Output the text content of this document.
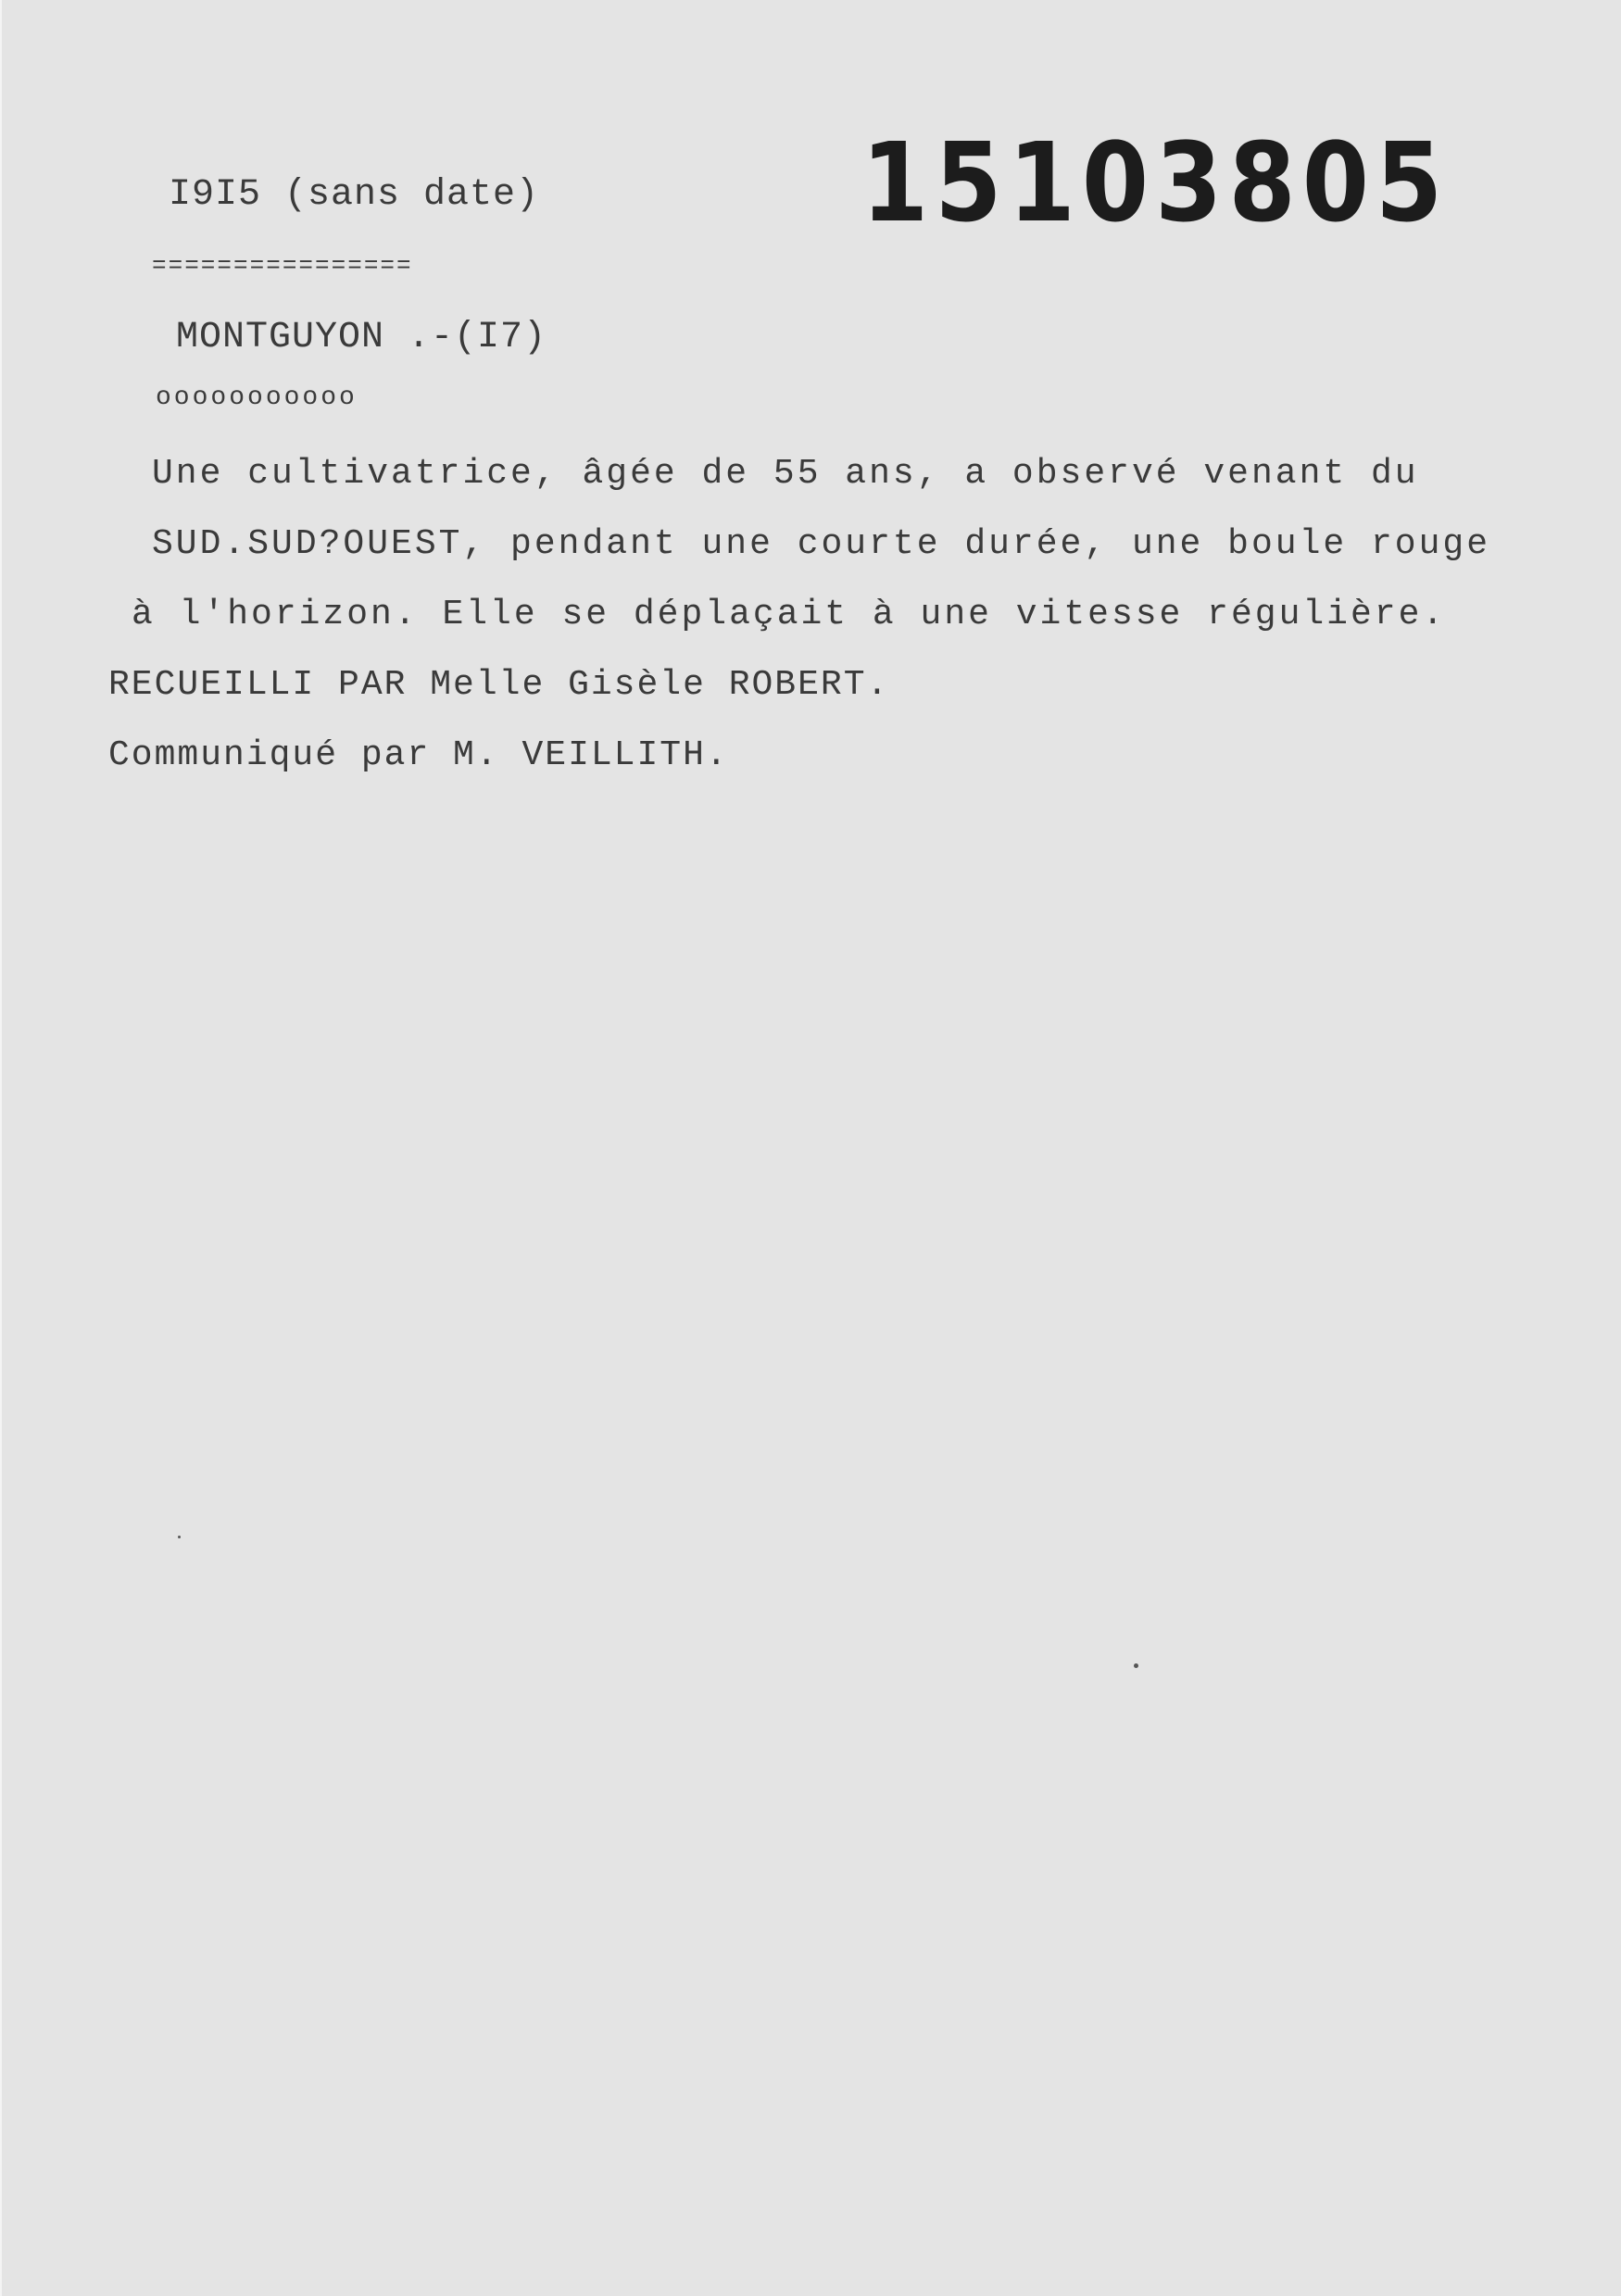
I9I5 (sans date)	15103805
================
MONTGUYON .-(I7)
ooooooooooo
Une cultivatrice, âgée de 55 ans, a observé venant du
SUD.SUD?OUEST, pendant une courte durée, une boule rouge
à l'horizon. Elle se déplaçait à une vitesse régulière.
RECUEILLI PAR Melle Gisèle ROBERT.
Communiqué par M. VEILLITH.
